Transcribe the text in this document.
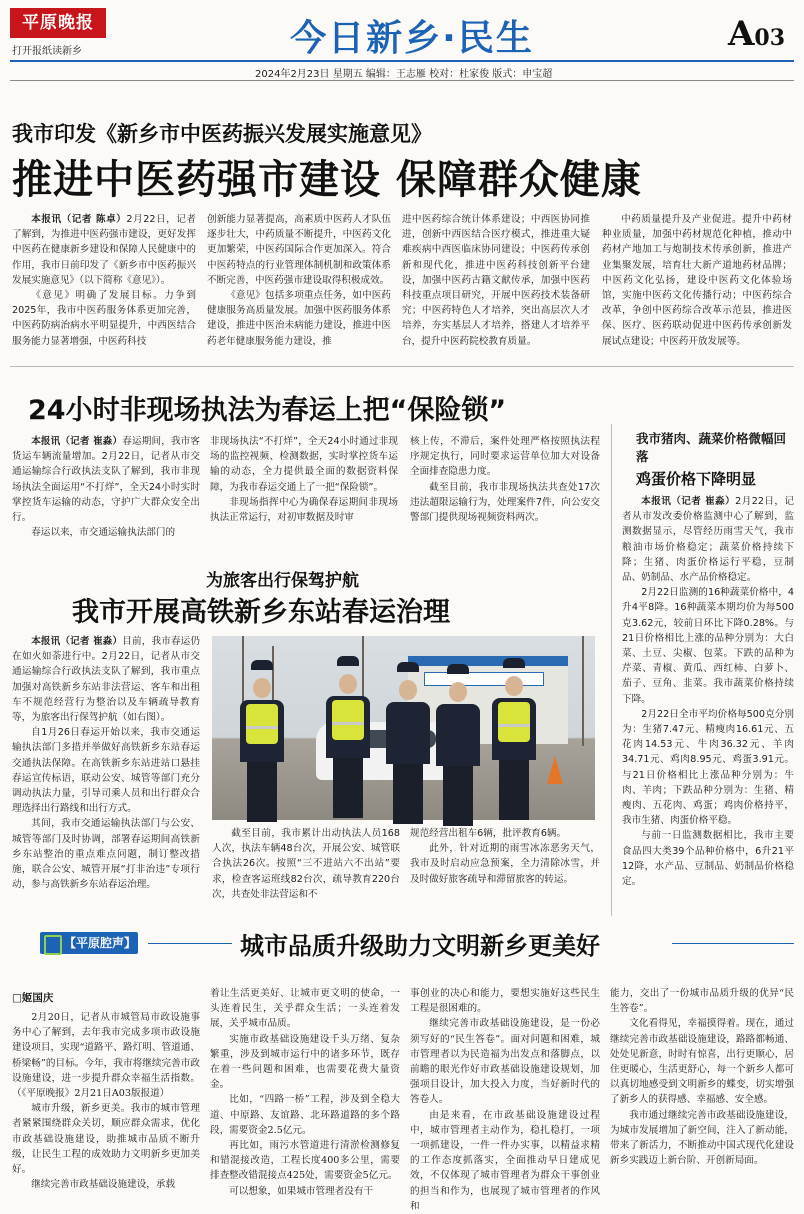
平原晚报
打开报纸读新乡	今日新乡·民生	A03
2024年2月23日 星期五 编辑：王志雁 校对：杜家俊 版式：申宝超
我市印发《新乡市中医药振兴发展实施意见》
推进中医药强市建设 保障群众健康

本报讯（记者 陈卓）2月22日，记者了解到，为推进中医药强市建设，更好发挥中医药在健康新乡建设和保障人民健康中的作用，我市日前印发了《新乡市中医药振兴发展实施意见》（以下简称《意见》）。

《意见》明确了发展目标。力争到2025年，我市中医药服务体系更加完善，中医药防病治病水平明显提升，中西医结合服务能力显著增强，中医药科技

创新能力显著提高，高素质中医药人才队伍逐步壮大，中药质量不断提升，中医药文化更加繁荣，中医药国际合作更加深入。符合中医药特点的行业管理体制机制和政策体系不断完善，中医药强市建设取得积极成效。

《意见》包括多项重点任务，如中医药健康服务高质量发展。加强中医药服务体系建设，推进中医治未病能力建设，推进中医药老年健康服务能力建设，推

进中医药综合统计体系建设；中西医协同推进，创新中西医结合医疗模式，推进重大疑难疾病中西医临床协同建设；中医药传承创新和现代化，推进中医药科技创新平台建设，加强中医药古籍文献传承，加强中医药科技重点项目研究，开展中医药技术装备研究；中医药特色人才培养，突出高层次人才培养，夯实基层人才培养，搭建人才培养平台，提升中医药院校教育质量。

中药质量提升及产业促进。提升中药材种业质量，加强中药材规范化种植，推动中药材产地加工与炮制技术传承创新，推进产业集聚发展，培育壮大新产道地药材品牌；中医药文化弘扬，建设中医药文化体验场馆，实施中医药文化传播行动；中医药综合改革，争创中医药综合改革示范县，推进医保、医疗、医药联动促进中医药传承创新发展试点建设；中医药开放发展等。

24小时非现场执法为春运上把“保险锁”

本报讯（记者 崔淼）春运期间，我市客货运车辆流量增加。2月22日，记者从市交通运输综合行政执法支队了解到，我市非现场执法全面运用“不打烊”，全天24小时实时掌控货车运输的动态，守护广大群众安全出行。

春运以来，市交通运输执法部门的

非现场执法“不打烊”，全天24小时通过非现场的监控视频、检测数据，实时掌控货车运输的动态，全力提供最全面的数据资料保障，为我市春运交通上了一把“保险锁”。

非现场指挥中心为确保春运期间非现场执法正常运行，对初审数据及时审

核上传，不滞后，案件处理严格按照执法程序规定执行，同时要求运营单位加大对设备全面排查隐患力度。

截至目前，我市非现场执法共查处17次违法超限运输行为，处理案件7件，向公安交警部门提供现场视频资料两次。

为旅客出行保驾护航
我市开展高铁新乡东站春运治理

本报讯（记者 崔淼）目前，我市春运仍在如火如荼进行中。2月22日，记者从市交通运输综合行政执法支队了解到，我市重点加强对高铁新乡东站非法营运、客车和出租车不规范经营行为整治以及车辆疏导教育等，为旅客出行保驾护航（如右图）。

自1月26日春运开始以来，我市交通运输执法部门多措并举做好高铁新乡东站春运交通执法保障。在高铁新乡东站进站口悬挂春运宣传标语，联动公安、城管等部门充分调动执法力量，引导司乘人员和出行群众合理选择出行路线和出行方式。

其间，我市交通运输执法部门与公安、城管等部门及时协调，部署春运期间高铁新乡东站整治的重点难点问题，制订整改措施，联合公安、城管开展“打非治违”专项行动，参与高铁新乡东站春运治理。

截至目前，我市累计出动执法人员168人次，执法车辆48台次，开展公安、城管联合执法26次。按照“三不进站六不出站”要求，检查客运班线82台次，疏导教育220台次，共查处非法营运和不

规范经营出租车6辆，批评教育6辆。

此外，针对近期的雨雪冰冻恶劣天气，我市及时启动应急预案，全力清除冰雪，并及时做好旅客疏导和滞留旅客的转运。

我市猪肉、蔬菜价格微幅回落
鸡蛋价格下降明显

本报讯（记者 崔淼）2月22日，记者从市发改委价格监测中心了解到，监测数据显示，尽管经历雨雪天气，我市粮油市场价格稳定；蔬菜价格持续下降；生猪、肉蛋价格运行平稳，豆制品、奶制品、水产品价格稳定。

2月22日监测的16种蔬菜价格中，4升4平8降。16种蔬菜本期均价为每500克3.62元，较前日环比下降0.28%。与21日价格相比上涨的品种分别为：大白菜、土豆、尖椒、包菜。下跌的品种为芹菜、青椒、黄瓜、西红柿、白萝卜、茄子、豆角、韭菜。我市蔬菜价格持续下降。

2月22日全市平均价格每500克分别为：生猪7.47元、精瘦肉16.61元、五花肉14.53元、牛肉36.32元、羊肉34.71元、鸡肉8.95元、鸡蛋3.91元。与21日价格相比上涨品种分别为：牛肉、羊肉；下跌品种分别为：生猪、精瘦肉、五花肉、鸡蛋；鸡肉价格持平，我市生猪、肉蛋价格平稳。

与前一日监测数据相比，我市主要食品四大类39个品种价格中，6升21平12降，水产品、豆制品、奶制品价格稳定。

【平原腔声】	城市品质升级助力文明新乡更美好
□姬国庆

2月20日，记者从市城管局市政设施事务中心了解到，去年我市完成多项市政设施建设项目，实现“道路平、路灯明、管道通、桥梁畅”的目标。今年，我市将继续完善市政设施建设，进一步提升群众幸福生活指数。（《平原晚报》2月21日A03版报道）

城市升级，新乡更美。我市的城市管理者紧紧围绕群众关切，顺应群众需求，优化市政基础设施建设，助推城市品质不断升级，让民生工程的成效助力文明新乡更加美好。

继续完善市政基础设施建设，承载

着让生活更美好、让城市更文明的使命，一头连着民生，关乎群众生活；一头连着发展，关乎城市品质。

实施市政基础设施建设千头万绪、复杂繁重，涉及到城市运行中的诸多环节，既存在着一些问题和困难，也需要花费大量资金。

比如，“四路一桥”工程，涉及到全稳大道、中原路、友谊路、北环路道路的多个路段，需要资金2.5亿元。

再比如，雨污水管道进行清淤检测修复和错混接改造，工程长度400多公里，需要排查整改错混接点425处，需要资金5亿元。

可以想象，如果城市管理者没有干

事创业的决心和能力，要想实施好这些民生工程是很困难的。

继续完善市政基础设施建设，是一份必须写好的“民生答卷”。面对问题和困难，城市管理者以为民造福为出发点和落脚点，以前瞻的眼光作好市政基础设施建设规划，加强项目设计，加大投入力度，当好新时代的答卷人。

由是来看，在市政基础设施建设过程中，城市管理者主动作为，稳扎稳打，一项一项抓建设，一件一件办实事，以精益求精的工作态度抓落实，全面推动早日建成见效，不仅体现了城市管理者为群众干事创业的担当和作为，也展现了城市管理者的作风和

能力，交出了一份城市品质升级的优异“民生答卷”。

文化看得见，幸福摸得着。现在，通过继续完善市政基础设施建设，路路都畅通、处处见新意，时时有惊喜，出行更顺心，居住更暖心，生活更舒心，每一个新乡人都可以真切地感受到文明新乡的蝶变，切实增强了新乡人的获得感、幸福感、安全感。

我市通过继续完善市政基础设施建设，为城市发展增加了新空间，注入了新动能，带来了新活力，不断推动中国式现代化建设新乡实践迈上新台阶、开创新局面。
